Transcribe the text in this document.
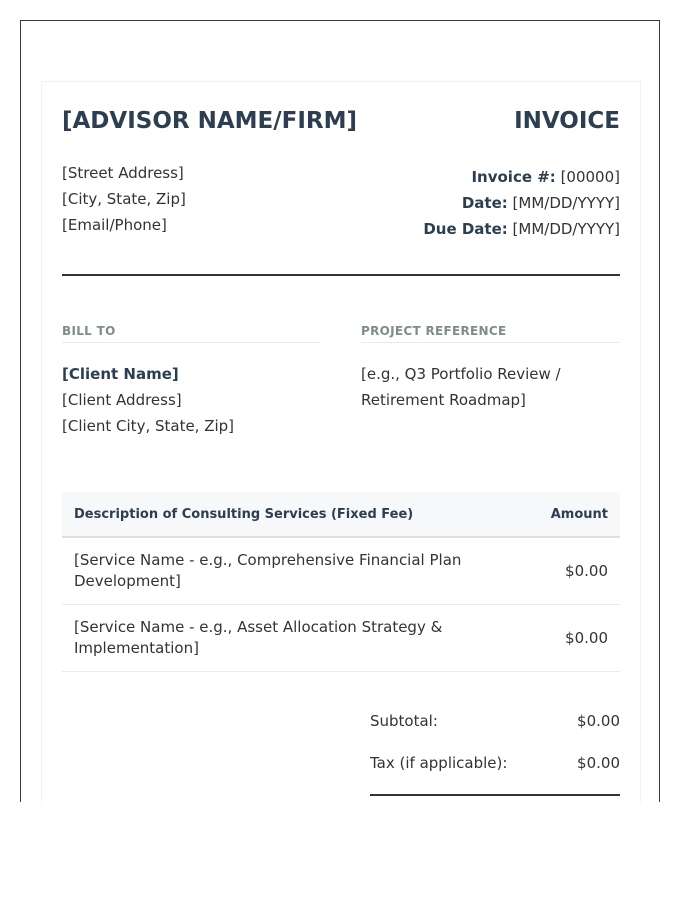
[ADVISOR NAME/FIRM]	INVOICE
[Street Address]
[City, State, Zip]
[Email/Phone]
Invoice #: [00000]
Date: [MM/DD/YYYY]
Due Date: [MM/DD/YYYY]
BILL TO	PROJECT REFERENCE
[Client Name]
[Client Address]
[Client City, State, Zip]
[e.g., Q3 Portfolio Review /
Retirement Roadmap]
Description of Consulting Services (Fixed Fee)	Amount
[Service Name - e.g., Comprehensive Financial Plan Development]	$0.00
[Service Name - e.g., Asset Allocation Strategy & Implementation]	$0.00
Subtotal:	$0.00
Tax (if applicable):	$0.00
